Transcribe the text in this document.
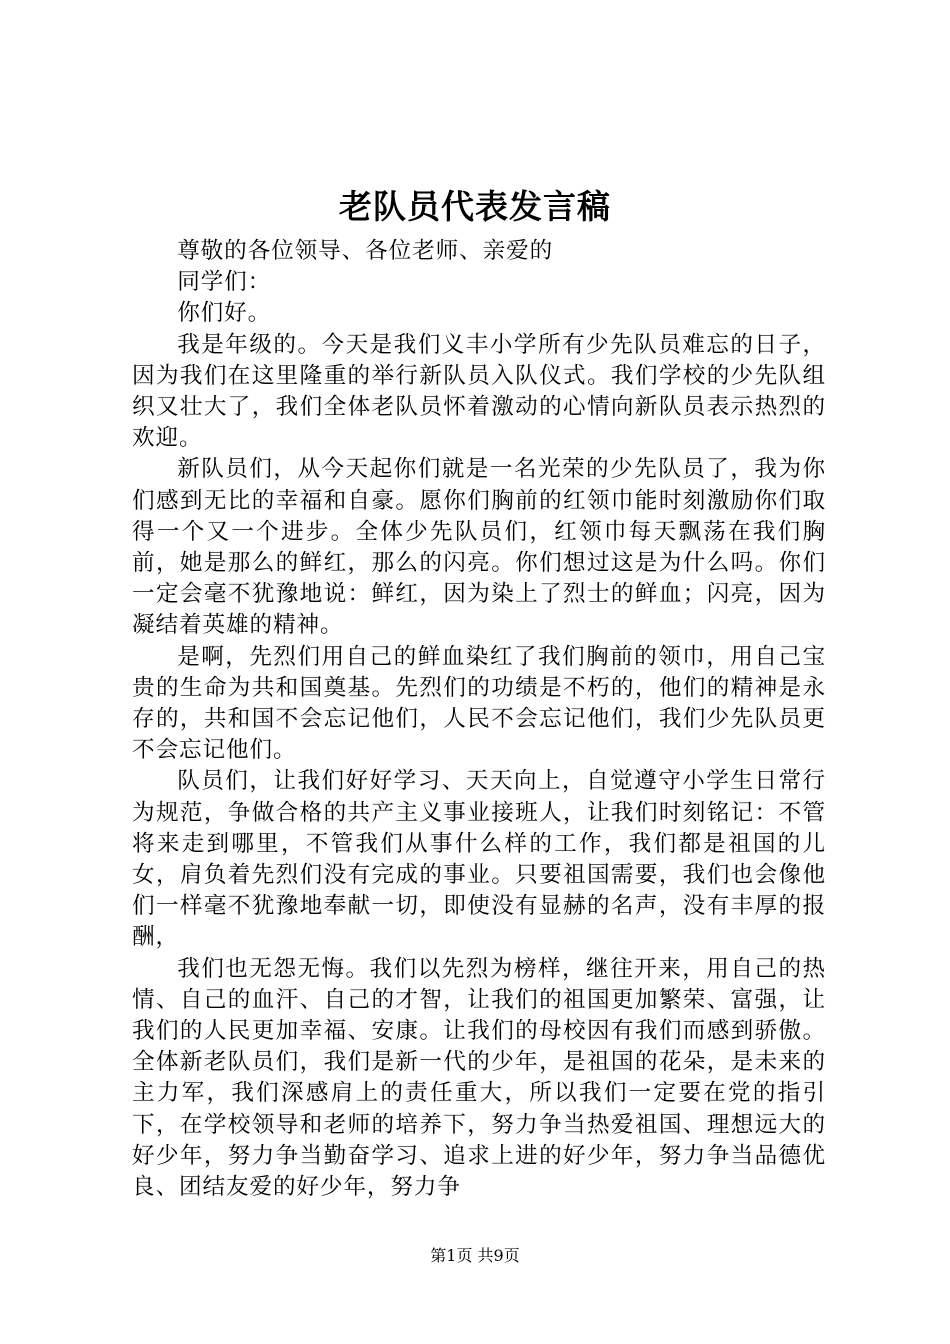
老队员代表发言稿

尊敬的各位领导、各位老师、亲爱的

同学们：

你们好。

我是年级的。今天是我们义丰小学所有少先队员难忘的日子，因为我们在这里隆重的举行新队员入队仪式。我们学校的少先队组织又壮大了，我们全体老队员怀着激动的心情向新队员表示热烈的欢迎。

新队员们，从今天起你们就是一名光荣的少先队员了，我为你们感到无比的幸福和自豪。愿你们胸前的红领巾能时刻激励你们取得一个又一个进步。全体少先队员们，红领巾每天飘荡在我们胸前，她是那么的鲜红，那么的闪亮。你们想过这是为什么吗。你们一定会毫不犹豫地说：鲜红，因为染上了烈士的鲜血；闪亮，因为凝结着英雄的精神。

是啊，先烈们用自己的鲜血染红了我们胸前的领巾，用自己宝贵的生命为共和国奠基。先烈们的功绩是不朽的，他们的精神是永存的，共和国不会忘记他们，人民不会忘记他们，我们少先队员更不会忘记他们。

队员们，让我们好好学习、天天向上，自觉遵守小学生日常行为规范，争做合格的共产主义事业接班人，让我们时刻铭记：不管将来走到哪里，不管我们从事什么样的工作，我们都是祖国的儿女，肩负着先烈们没有完成的事业。只要祖国需要，我们也会像他们一样毫不犹豫地奉献一切，即使没有显赫的名声，没有丰厚的报酬，

我们也无怨无悔。我们以先烈为榜样，继往开来，用自己的热情、自己的血汗、自己的才智，让我们的祖国更加繁荣、富强，让我们的人民更加幸福、安康。让我们的母校因有我们而感到骄傲。全体新老队员们，我们是新一代的少年，是祖国的花朵，是未来的主力军，我们深感肩上的责任重大，所以我们一定要在党的指引下，在学校领导和老师的培养下，努力争当热爱祖国、理想远大的好少年，努力争当勤奋学习、追求上进的好少年，努力争当品德优良、团结友爱的好少年，努力争

第1页 共9页
